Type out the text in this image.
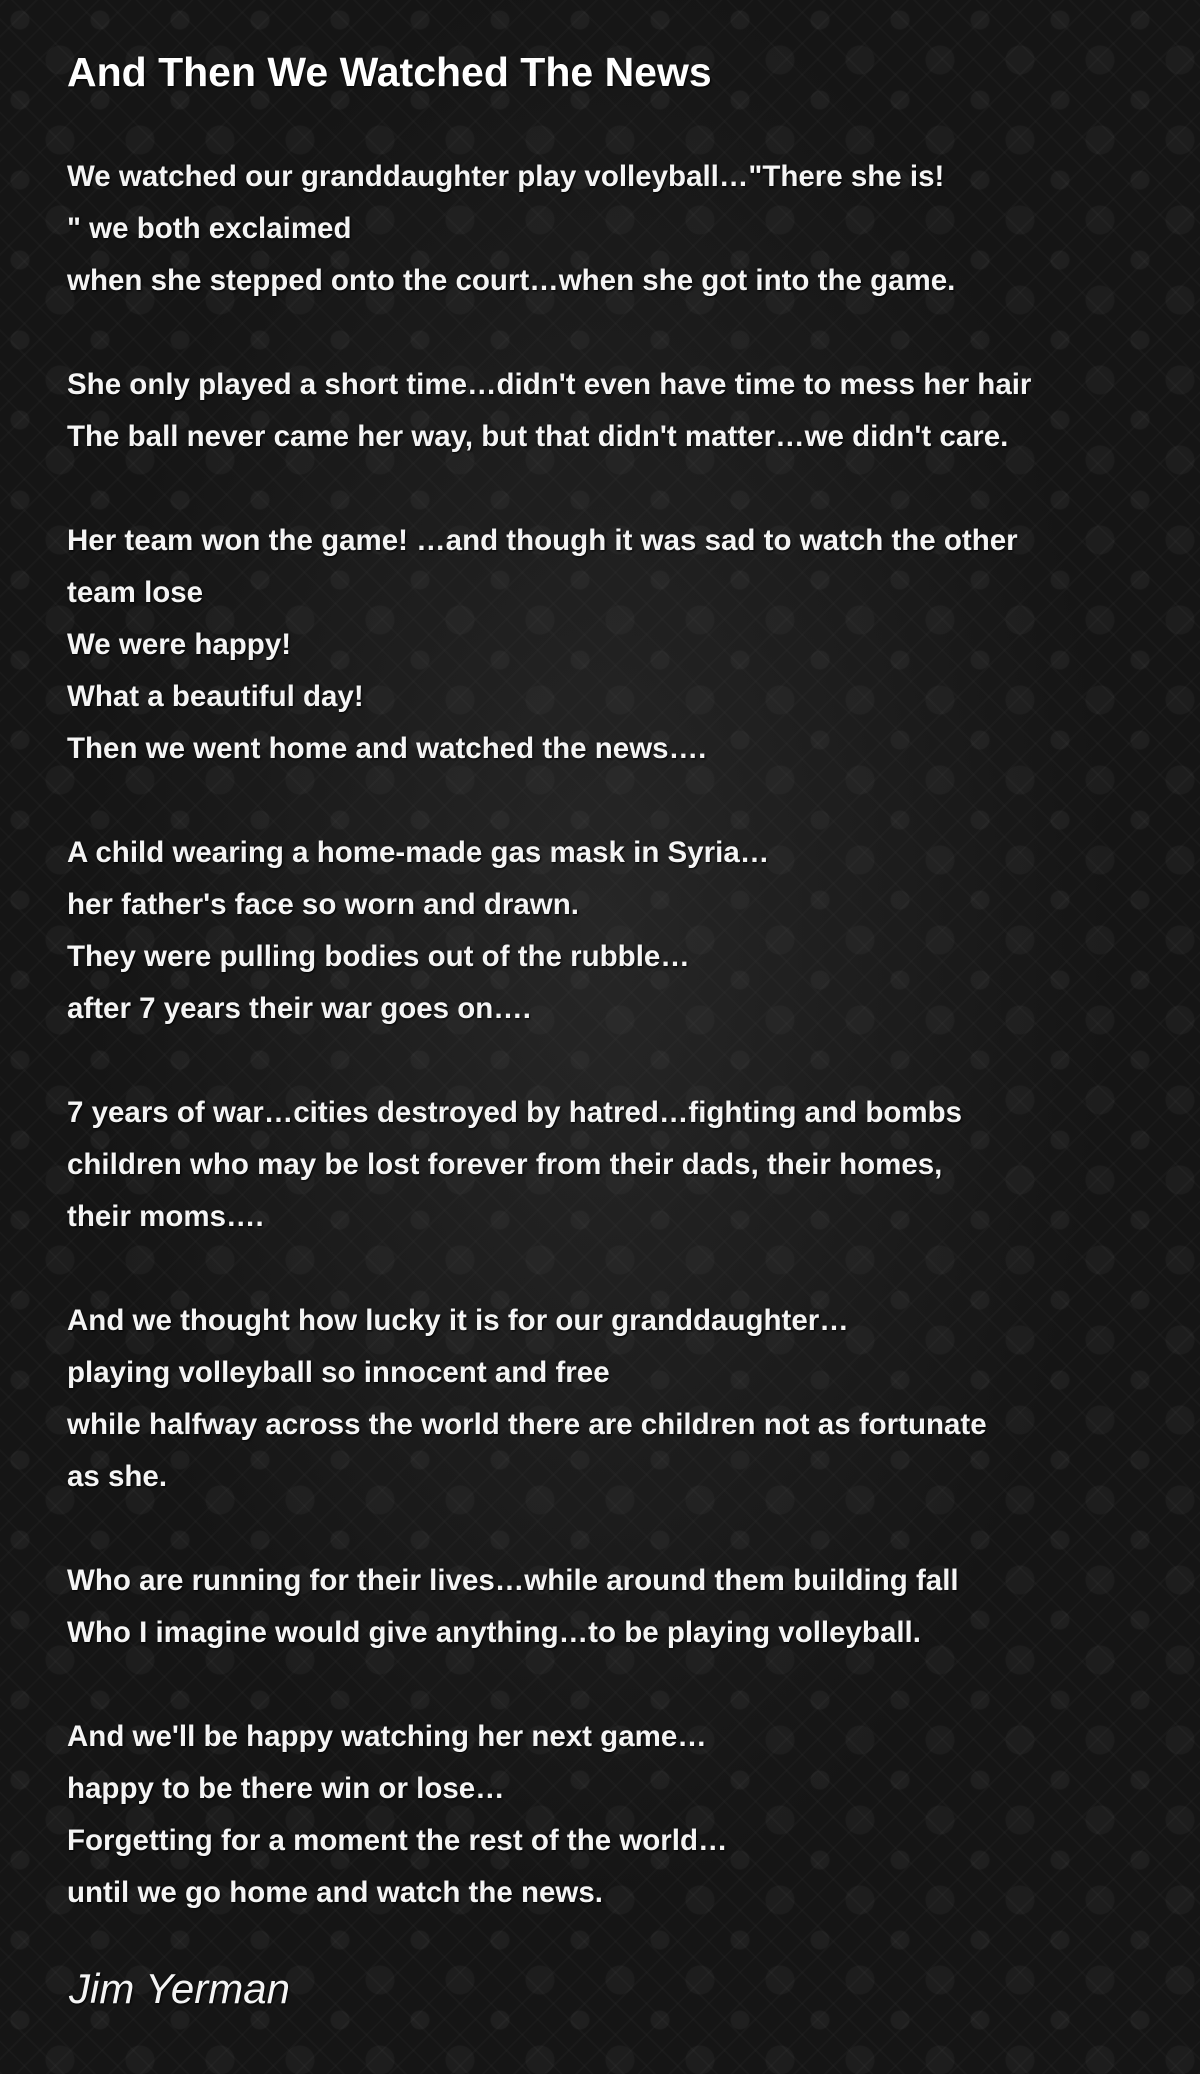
And Then We Watched The News
We watched our granddaughter play volleyball…"There she is!
" we both exclaimed
when she stepped onto the court…when she got into the game.
She only played a short time…didn't even have time to mess her hair
The ball never came her way, but that didn't matter…we didn't care.
Her team won the game! …and though it was sad to watch the other
team lose
We were happy!
What a beautiful day!
Then we went home and watched the news….
A child wearing a home-made gas mask in Syria…
her father's face so worn and drawn.
They were pulling bodies out of the rubble…
after 7 years their war goes on….
7 years of war…cities destroyed by hatred…fighting and bombs
children who may be lost forever from their dads, their homes,
their moms….
And we thought how lucky it is for our granddaughter…
playing volleyball so innocent and free
while halfway across the world there are children not as fortunate
as she.
Who are running for their lives…while around them building fall
Who I imagine would give anything…to be playing volleyball.
And we'll be happy watching her next game…
happy to be there win or lose…
Forgetting for a moment the rest of the world…
until we go home and watch the news.

Jim Yerman
